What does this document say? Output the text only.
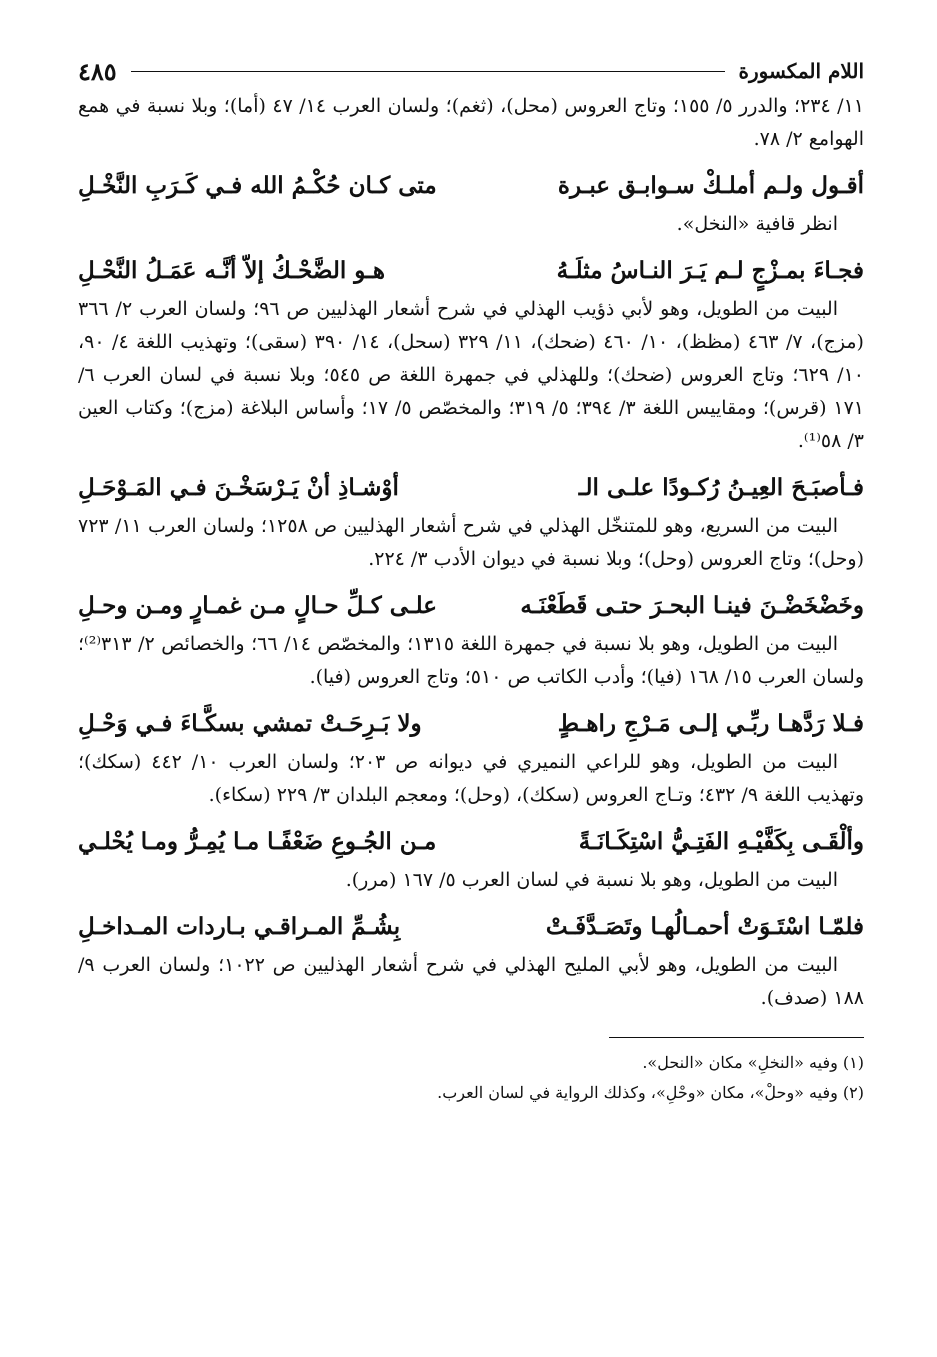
اللام المكسورة
٤٨٥

١١/ ٢٣٤؛ والدرر ٥/ ١٥٥؛ وتاج العروس (محل)، (ثغم)؛ ولسان العرب ١٤/ ٤٧ (أما)؛ وبلا نسبة في همع الهوامع ٢/ ٧٨.

أقـول ولـم أملـكْ سـوابـق عبـرة
متى كـان حُكْـمُ الله فـي كَـرَبِ النَّخْـلِ

انظر قافية «النخل».

فجـاءَ بمـزْجٍ لـم يَـرَ النـاسُ مثلَـهُ
هـو الضَّحْـكُ إلاّ أنَّـه عَمَـلُ النَّحْـلِ

البيت من الطويل، وهو لأبي ذؤيب الهذلي في شرح أشعار الهذليين ص ٩٦؛ ولسان العرب ٢/ ٣٦٦ (مزج)، ٧/ ٤٦٣ (مظظ)، ١٠/ ٤٦٠ (ضحك)، ١١/ ٣٢٩ (سحل)، ١٤/ ٣٩٠ (سقى)؛ وتهذيب اللغة ٤/ ٩٠، ١٠/ ٦٢٩؛ وتاج العروس (ضحك)؛ وللهذلي في جمهرة اللغة ص ٥٤٥؛ وبلا نسبة في لسان العرب ٦/ ١٧١ (قرس)؛ ومقاييس اللغة ٣/ ٣٩٤؛ ٥/ ٣١٩؛ والمخصّص ٥/ ١٧؛ وأساس البلاغة (مزج)؛ وكتاب العين ٣/ ٥٨⁽¹⁾.

فـأصبَـحَ العِيـنُ رُكـودًا علـى الـ
أوْشـاذِ أنْ يَـرْسَخْـنَ فـي المَـوْحَـلِ

البيت من السريع، وهو للمتنخّل الهذلي في شرح أشعار الهذليين ص ١٢٥٨؛ ولسان العرب ١١/ ٧٢٣ (وحل)؛ وتاج العروس (وحل)؛ وبلا نسبة في ديوان الأدب ٣/ ٢٢٤.

وخَضْخَضْـنَ فينـا البحـرَ حتـى قَطَعْنَـه
علـى كـلِّ حـالٍ مـن غمـارٍ ومـن وحـلِ

البيت من الطويل، وهو بلا نسبة في جمهرة اللغة ١٣١٥؛ والمخصّص ١٤/ ٦٦؛ والخصائص ٢/ ٣١٣⁽²⁾؛ ولسان العرب ١٥/ ١٦٨ (فيا)؛ وأدب الكاتب ص ٥١٠؛ وتاج العروس (فيا).

فـلا رَدَّهـا ربِّـي إلـى مَـرْجِ راهـطٍ
ولا بَـرِحَـتْ تمشي بسكَّـاءَ فـي وَحْـلِ

البيت من الطويل، وهو للراعي النميري في ديوانه ص ٢٠٣؛ ولسان العرب ١٠/ ٤٤٢ (سكك)؛ وتهذيب اللغة ٩/ ٤٣٢؛ وتـاج العروس (سكك)، (وحل)؛ ومعجم البلدان ٣/ ٢٢٩ (سكاء).

وألْقَـى بِكَفَّيْـهِ الفَتِـيُّ اسْتِكَـانَـةً
مـن الجُـوعِ ضَعْفًـا مـا يُمِـرُّ ومـا يُحْلـي

البيت من الطويل، وهو بلا نسبة في لسان العرب ٥/ ١٦٧ (مرر).

فلمّـا اسْتَـوَتْ أحمـالُهـا وتَصَـدَّفَـتْ
بِشُـمِّ المـراقـي بـاردات المـداخـلِ

البيت من الطويل، وهو لأبي المليح الهذلي في شرح أشعار الهذليين ص ١٠٢٢؛ ولسان العرب ٩/ ١٨٨ (صدف).

(١) وفيه «النخلِ» مكان «النحل».

(٢) وفيه «وحلْ»، مكان «وحْلِ»، وكذلك الرواية في لسان العرب.
